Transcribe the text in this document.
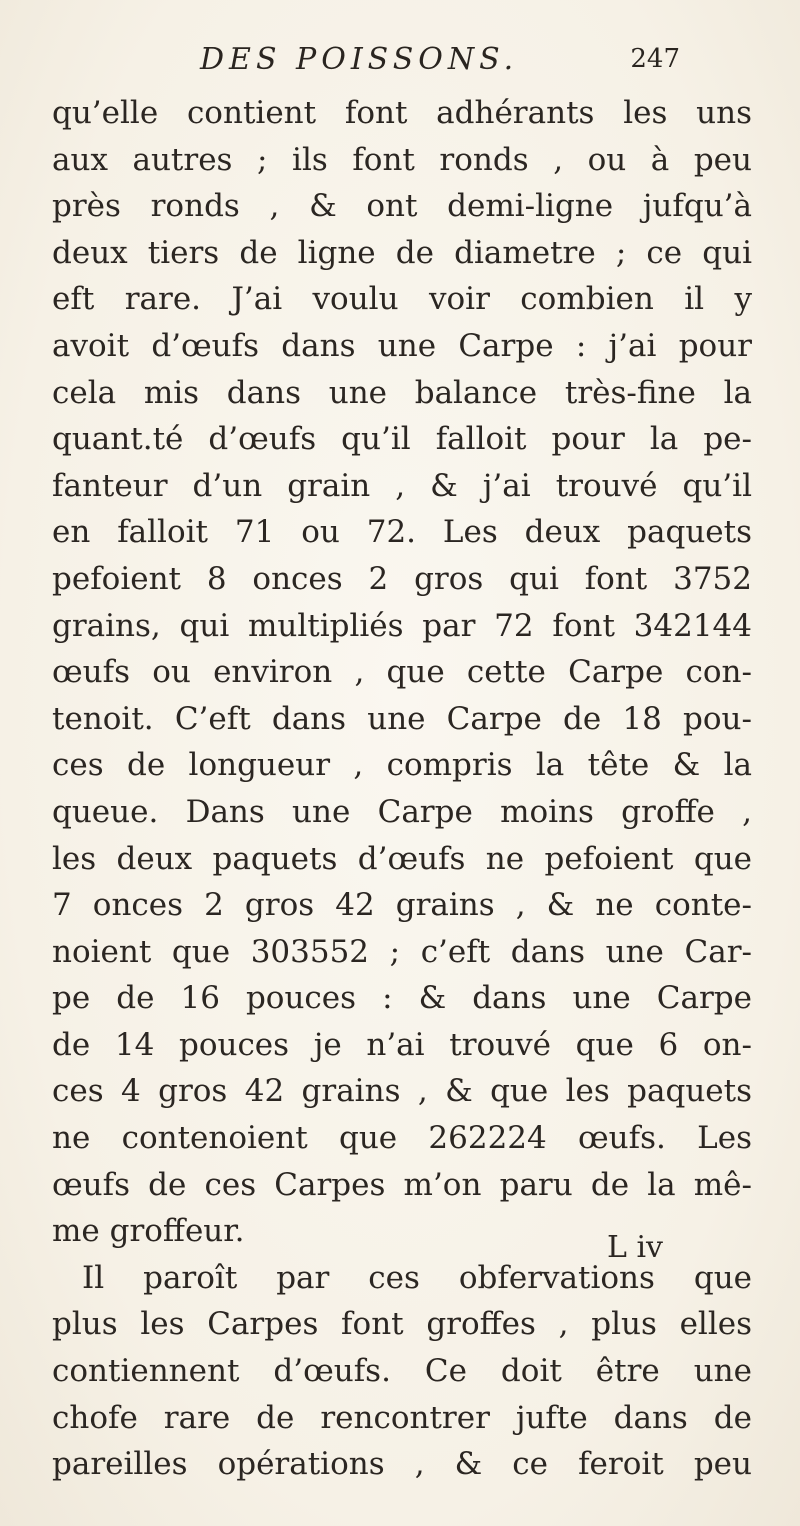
DES POISSONS.	247
qu’elle contient font adhérants les uns
aux autres ; ils font ronds , ou à peu
près ronds , & ont demi-ligne jufqu’à
deux tiers de ligne de diametre ; ce qui
eft rare. J’ai voulu voir combien il y
avoit d’œufs dans une Carpe : j’ai pour
cela mis dans une balance très-fine la
quant.té d’œufs qu’il falloit pour la pe-
fanteur d’un grain , & j’ai trouvé qu’il
en falloit 71 ou 72. Les deux paquets
pefoient 8 onces 2 gros qui font 3752
grains, qui multipliés par 72 font 342144
œufs ou environ , que cette Carpe con-
tenoit. C’eft dans une Carpe de 18 pou-
ces de longueur , compris la tête & la
queue. Dans une Carpe moins groffe ,
les deux paquets d’œufs ne pefoient que
7 onces 2 gros 42 grains , & ne conte-
noient que 303552 ; c’eft dans une Car-
pe de 16 pouces : & dans une Carpe
de 14 pouces je n’ai trouvé que 6 on-
ces 4 gros 42 grains , & que les paquets
ne contenoient que 262224 œufs. Les
œufs de ces Carpes m’on paru de la mê-
me groffeur.
Il paroît par ces obfervations que
plus les Carpes font groffes , plus elles
contiennent d’œufs. Ce doit être une
chofe rare de rencontrer jufte dans de
pareilles opérations , & ce feroit peu
L iv
